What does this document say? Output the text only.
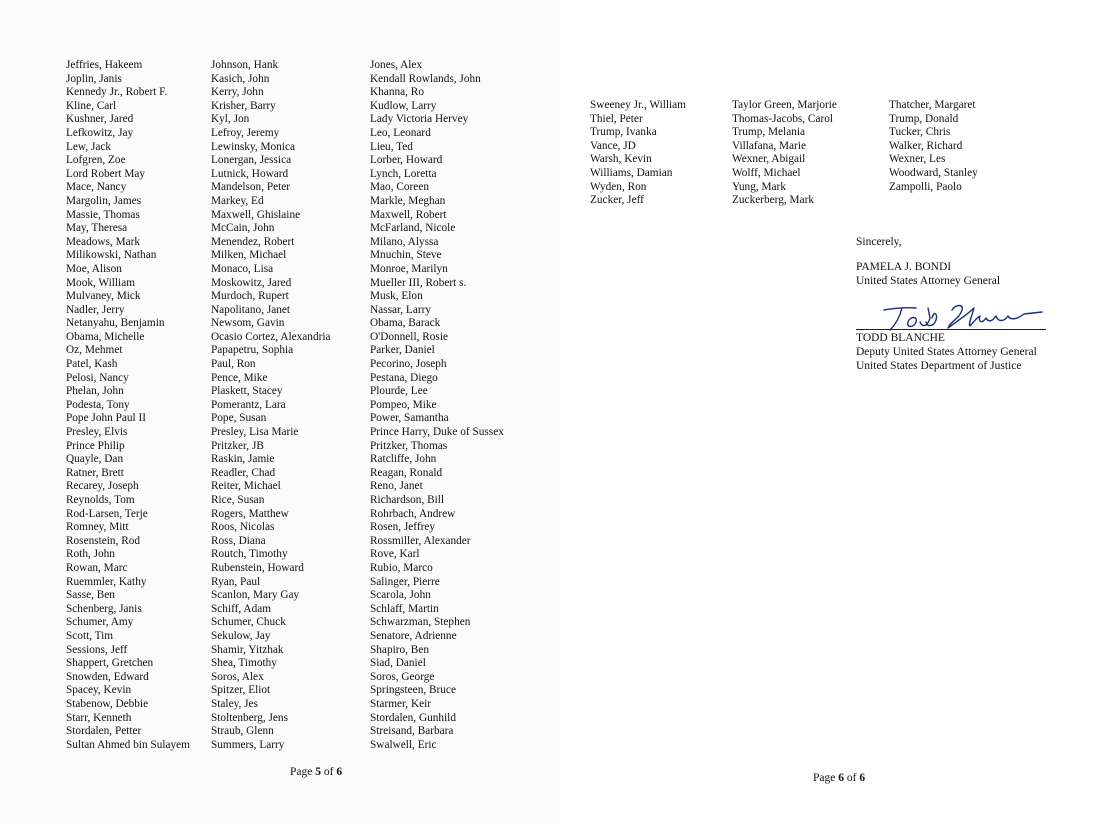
Jeffries, Hakeem
Joplin, Janis
Kennedy Jr., Robert F.
Kline, Carl
Kushner, Jared
Lefkowitz, Jay
Lew, Jack
Lofgren, Zoe
Lord Robert May
Mace, Nancy
Margolin, James
Massie, Thomas
May, Theresa
Meadows, Mark
Milikowski, Nathan
Moe, Alison
Mook, William
Mulvaney, Mick
Nadler, Jerry
Netanyahu, Benjamin
Obama, Michelle
Oz, Mehmet
Patel, Kash
Pelosi, Nancy
Phelan, John
Podesta, Tony
Pope John Paul II
Presley, Elvis
Prince Philip
Quayle, Dan
Ratner, Brett
Recarey, Joseph
Reynolds, Tom
Rod-Larsen, Terje
Romney, Mitt
Rosenstein, Rod
Roth, John
Rowan, Marc
Ruemmler, Kathy
Sasse, Ben
Schenberg, Janis
Schumer, Amy
Scott, Tim
Sessions, Jeff
Shappert, Gretchen
Snowden, Edward
Spacey, Kevin
Stabenow, Debbie
Starr, Kenneth
Stordalen, Petter
Sultan Ahmed bin Sulayem
Johnson, Hank
Kasich, John
Kerry, John
Krisher, Barry
Kyl, Jon
Lefroy, Jeremy
Lewinsky, Monica
Lonergan, Jessica
Lutnick, Howard
Mandelson, Peter
Markey, Ed
Maxwell, Ghislaine
McCain, John
Menendez, Robert
Milken, Michael
Monaco, Lisa
Moskowitz, Jared
Murdoch, Rupert
Napolitano, Janet
Newsom, Gavin
Ocasio Cortez, Alexandria
Papapetru, Sophia
Paul, Ron
Pence, Mike
Plaskett, Stacey
Pomerantz, Lara
Pope, Susan
Presley, Lisa Marie
Pritzker, JB
Raskin, Jamie
Readler, Chad
Reiter, Michael
Rice, Susan
Rogers, Matthew
Roos, Nicolas
Ross, Diana
Routch, Timothy
Rubenstein, Howard
Ryan, Paul
Scanlon, Mary Gay
Schiff, Adam
Schumer, Chuck
Sekulow, Jay
Shamir, Yitzhak
Shea, Timothy
Soros, Alex
Spitzer, Eliot
Staley, Jes
Stoltenberg, Jens
Straub, Glenn
Summers, Larry
Jones, Alex
Kendall Rowlands, John
Khanna, Ro
Kudlow, Larry
Lady Victoria Hervey
Leo, Leonard
Lieu, Ted
Lorber, Howard
Lynch, Loretta
Mao, Coreen
Markle, Meghan
Maxwell, Robert
McFarland, Nicole
Milano, Alyssa
Mnuchin, Steve
Monroe, Marilyn
Mueller III, Robert s.
Musk, Elon
Nassar, Larry
Obama, Barack
O'Donnell, Rosie
Parker, Daniel
Pecorino, Joseph
Pestana, Diego
Plourde, Lee
Pompeo, Mike
Power, Samantha
Prince Harry, Duke of Sussex
Pritzker, Thomas
Ratcliffe, John
Reagan, Ronald
Reno, Janet
Richardson, Bill
Rohrbach, Andrew
Rosen, Jeffrey
Rossmiller, Alexander
Rove, Karl
Rubio, Marco
Salinger, Pierre
Scarola, John
Schlaff, Martin
Schwarzman, Stephen
Senatore, Adrienne
Shapiro, Ben
Siad, Daniel
Soros, George
Springsteen, Bruce
Starmer, Keir
Stordalen, Gunhild
Streisand, Barbara
Swalwell, Eric
Page 5 of 6
Sweeney Jr., William
Thiel, Peter
Trump, Ivanka
Vance, JD
Warsh, Kevin
Williams, Damian
Wyden, Ron
Zucker, Jeff
Taylor Green, Marjorie
Thomas-Jacobs, Carol
Trump, Melania
Villafana, Marie
Wexner, Abigail
Wolff, Michael
Yung, Mark
Zuckerberg, Mark
Thatcher, Margaret
Trump, Donald
Tucker, Chris
Walker, Richard
Wexner, Les
Woodward, Stanley
Zampolli, Paolo
Sincerely,
PAMELA J. BONDI
United States Attorney General
TODD BLANCHE
Deputy United States Attorney General
United States Department of Justice
Page 6 of 6
